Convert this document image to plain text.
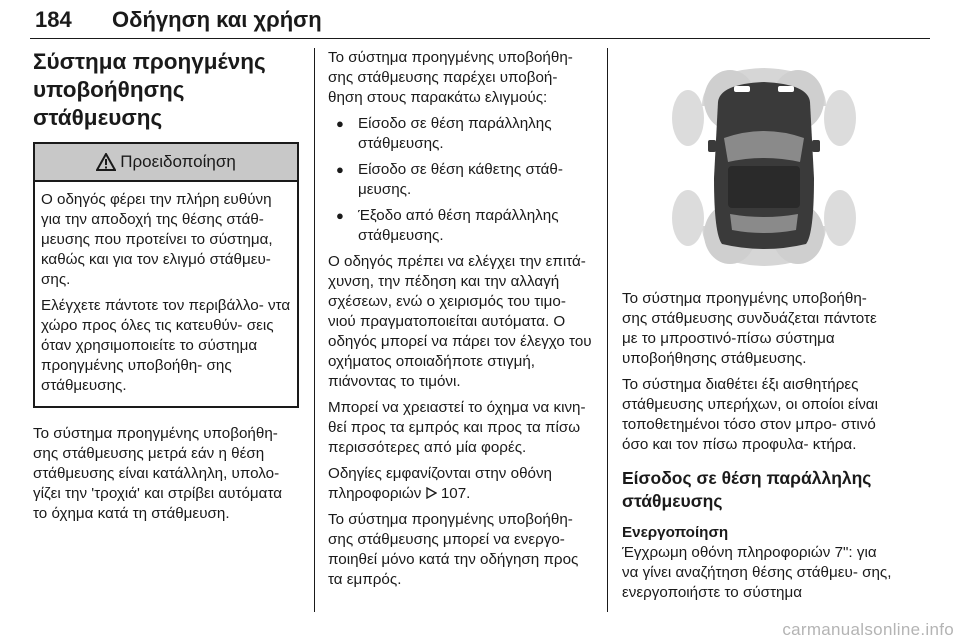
184 Οδήγηση και χρήση
Σύστημα προηγμένης
υποβοήθησης στάθμευσης
Προειδοποίηση

Ο οδηγός φέρει την πλήρη ευθύνη για την αποδοχή της θέσης στάθ- μευσης που προτείνει το σύστημα, καθώς και για τον ελιγμό στάθμευ- σης.

Ελέγχετε πάντοτε τον περιβάλλο- ντα χώρο προς όλες τις κατευθύν- σεις όταν χρησιμοποιείτε το σύστημα προηγμένης υποβοήθη- σης στάθμευσης.

Το σύστημα προηγμένης υποβοήθη- σης στάθμευσης μετρά εάν η θέση στάθμευσης είναι κατάλληλη, υπολο- γίζει την 'τροχιά' και στρίβει αυτόματα το όχημα κατά τη στάθμευση.

Το σύστημα προηγμένης υποβοήθη- σης στάθμευσης παρέχει υποβοή- θηση στους παρακάτω ελιγμούς:

● Είσοδο σε θέση παράλληλης στάθμευσης.
● Είσοδο σε θέση κάθετης στάθ- μευσης.
● Έξοδο από θέση παράλληλης στάθμευσης.

Ο οδηγός πρέπει να ελέγχει την επιτά- χυνση, την πέδηση και την αλλαγή σχέσεων, ενώ ο χειρισμός του τιμο- νιού πραγματοποιείται αυτόματα. Ο οδηγός μπορεί να πάρει τον έλεγχο του οχήματος οποιαδήποτε στιγμή, πιάνοντας το τιμόνι.

Μπορεί να χρειαστεί το όχημα να κινη- θεί προς τα εμπρός και προς τα πίσω περισσότερες από μία φορές.

Οδηγίες εμφανίζονται στην οθόνη πληροφοριών 107.

Το σύστημα προηγμένης υποβοήθη- σης στάθμευσης μπορεί να ενεργο- ποιηθεί μόνο κατά την οδήγηση προς τα εμπρός.

Το σύστημα προηγμένης υποβοήθη- σης στάθμευσης συνδυάζεται πάντοτε με το μπροστινό-πίσω σύστημα υποβοήθησης στάθμευσης.

Το σύστημα διαθέτει έξι αισθητήρες στάθμευσης υπερήχων, οι οποίοι είναι τοποθετημένοι τόσο στον μπρο- στινό όσο και τον πίσω προφυλα- κτήρα.

Είσοδος σε θέση παράλληλης
στάθμευσης
Ενεργοποίηση

Έγχρωμη οθόνη πληροφοριών 7": για να γίνει αναζήτηση θέσης στάθμευ- σης, ενεργοποιήστε το σύστημα

carmanualsonline.info
